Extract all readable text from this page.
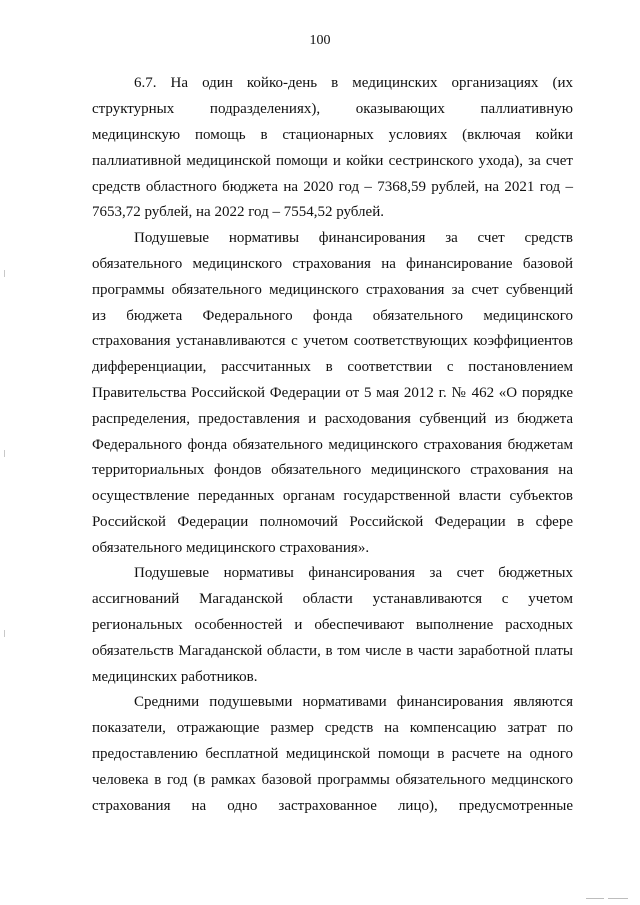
100
6.7. На один койко-день в медицинских организациях (их
структурных подразделениях), оказывающих паллиативную
медицинскую помощь в стационарных условиях (включая койки
паллиативной медицинской помощи и койки сестринского ухода), за счет
средств областного бюджета на 2020 год – 7368,59 рублей, на 2021 год –
7653,72 рублей, на 2022 год – 7554,52 рублей.
Подушевые нормативы финансирования за счет средств
обязательного медицинского страхования на финансирование базовой
программы обязательного медицинского страхования за счет субвенций
из бюджета Федерального фонда обязательного медицинского
страхования устанавливаются с учетом соответствующих коэффициентов
дифференциации, рассчитанных в соответствии с постановлением
Правительства Российской Федерации от 5 мая 2012 г. № 462 «О порядке
распределения, предоставления и расходования субвенций из бюджета
Федерального фонда обязательного медицинского страхования бюджетам
территориальных фондов обязательного медицинского страхования на
осуществление переданных органам государственной власти субъектов
Российской Федерации полномочий Российской Федерации в сфере
обязательного медицинского страхования».
Подушевые нормативы финансирования за счет бюджетных
ассигнований Магаданской области устанавливаются с учетом
региональных особенностей и обеспечивают выполнение расходных
обязательств Магаданской области, в том числе в части заработной платы
медицинских работников.
Средними подушевыми нормативами финансирования являются
показатели, отражающие размер средств на компенсацию затрат по
предоставлению бесплатной медицинской помощи в расчете на одного
человека в год (в рамках базовой программы обязательного медцинского
страхования на одно застрахованное лицо), предусмотренные
